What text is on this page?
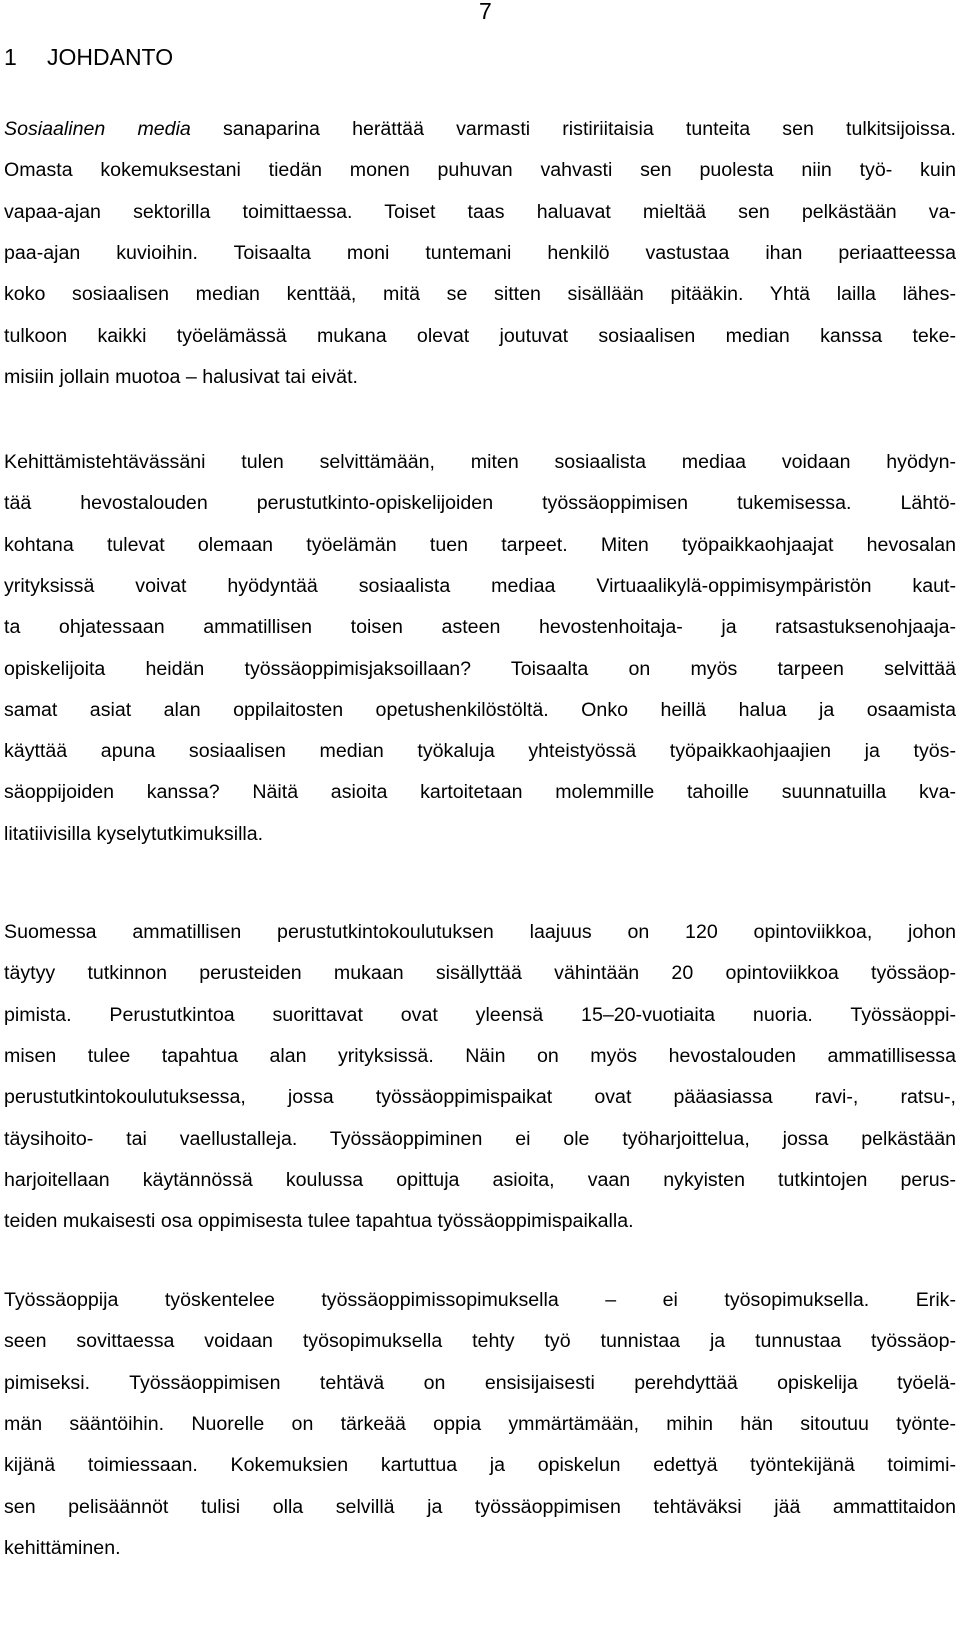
7
1 JOHDANTO
Sosiaalinen media sanaparina herättää varmasti ristiriitaisia tunteita sen tulkitsijoissa.
Omasta kokemuksestani tiedän monen puhuvan vahvasti sen puolesta niin työ- kuin
vapaa-ajan sektorilla toimittaessa. Toiset taas haluavat mieltää sen pelkästään va-
paa-ajan kuvioihin. Toisaalta moni tuntemani henkilö vastustaa ihan periaatteessa
koko sosiaalisen median kenttää, mitä se sitten sisällään pitääkin. Yhtä lailla lähes-
tulkoon kaikki työelämässä mukana olevat joutuvat sosiaalisen median kanssa teke-
misiin jollain muotoa – halusivat tai eivät.
Kehittämistehtävässäni tulen selvittämään, miten sosiaalista mediaa voidaan hyödyn-
tää hevostalouden perustutkinto-opiskelijoiden työssäoppimisen tukemisessa. Lähtö-
kohtana tulevat olemaan työelämän tuen tarpeet. Miten työpaikkaohjaajat hevosalan
yrityksissä voivat hyödyntää sosiaalista mediaa Virtuaalikylä-oppimisympäristön kaut-
ta ohjatessaan ammatillisen toisen asteen hevostenhoitaja- ja ratsastuksenohjaaja-
opiskelijoita heidän työssäoppimisjaksoillaan? Toisaalta on myös tarpeen selvittää
samat asiat alan oppilaitosten opetushenkilöstöltä. Onko heillä halua ja osaamista
käyttää apuna sosiaalisen median työkaluja yhteistyössä työpaikkaohjaajien ja työs-
säoppijoiden kanssa? Näitä asioita kartoitetaan molemmille tahoille suunnatuilla kva-
litatiivisilla kyselytutkimuksilla.
Suomessa ammatillisen perustutkintokoulutuksen laajuus on 120 opintoviikkoa, johon
täytyy tutkinnon perusteiden mukaan sisällyttää vähintään 20 opintoviikkoa työssäop-
pimista. Perustutkintoa suorittavat ovat yleensä 15–20-vuotiaita nuoria. Työssäoppi-
misen tulee tapahtua alan yrityksissä. Näin on myös hevostalouden ammatillisessa
perustutkintokoulutuksessa, jossa työssäoppimispaikat ovat pääasiassa ravi-, ratsu-,
täysihoito- tai vaellustalleja. Työssäoppiminen ei ole työharjoittelua, jossa pelkästään
harjoitellaan käytännössä koulussa opittuja asioita, vaan nykyisten tutkintojen perus-
teiden mukaisesti osa oppimisesta tulee tapahtua työssäoppimispaikalla.
Työssäoppija työskentelee työssäoppimissopimuksella – ei työsopimuksella. Erik-
seen sovittaessa voidaan työsopimuksella tehty työ tunnistaa ja tunnustaa työssäop-
pimiseksi. Työssäoppimisen tehtävä on ensisijaisesti perehdyttää opiskelija työelä-
män sääntöihin. Nuorelle on tärkeää oppia ymmärtämään, mihin hän sitoutuu työnte-
kijänä toimiessaan. Kokemuksien kartuttua ja opiskelun edettyä työntekijänä toimimi-
sen pelisäännöt tulisi olla selvillä ja työssäoppimisen tehtäväksi jää ammattitaidon
kehittäminen.
